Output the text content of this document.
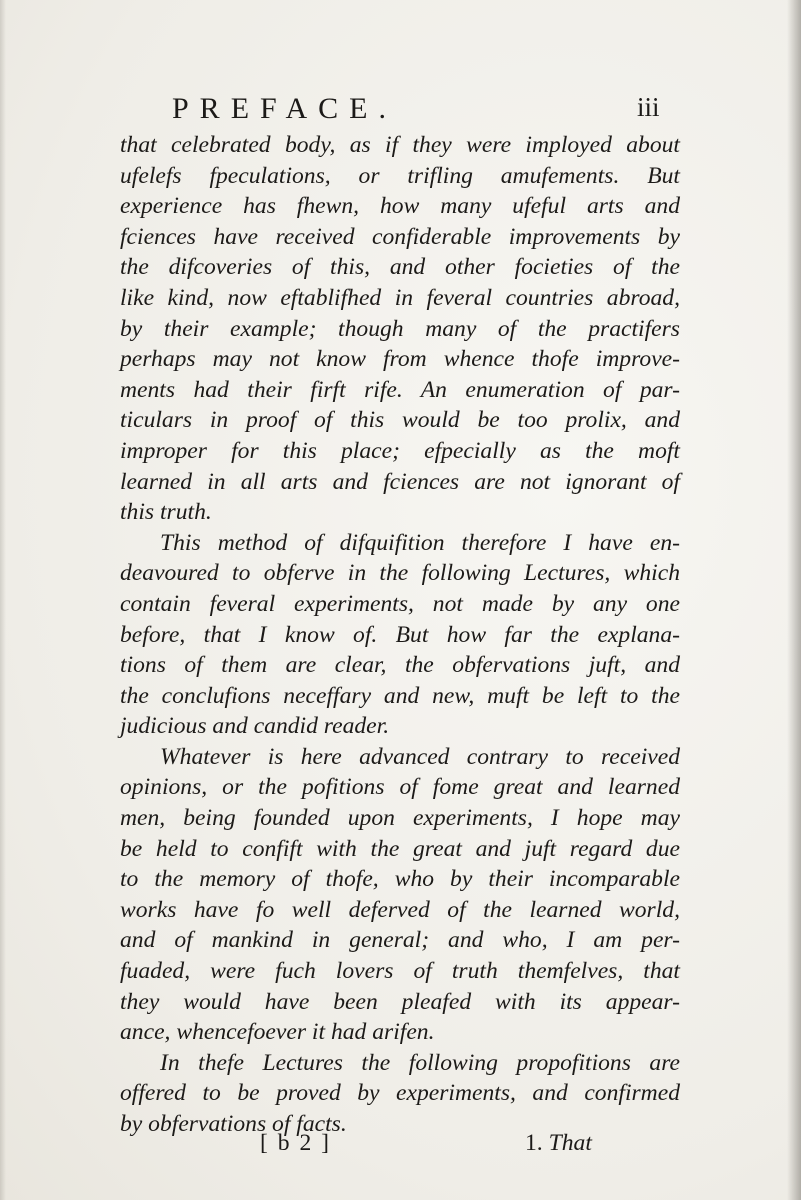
PREFACE.	iii
that celebrated body, as if they were imployed about
ufelefs fpeculations, or trifling amufements. But
experience has fhewn, how many ufeful arts and
fciences have received confiderable improvements by
the difcoveries of this, and other focieties of the
like kind, now eftablifhed in feveral countries abroad,
by their example; though many of the practifers
perhaps may not know from whence thofe improve-
ments had their firft rife. An enumeration of par-
ticulars in proof of this would be too prolix, and
improper for this place; efpecially as the moft
learned in all arts and fciences are not ignorant of
this truth.
This method of difquifition therefore I have en-
deavoured to obferve in the following Lectures, which
contain feveral experiments, not made by any one
before, that I know of. But how far the explana-
tions of them are clear, the obfervations juft, and
the conclufions neceffary and new, muft be left to the
judicious and candid reader.
Whatever is here advanced contrary to received
opinions, or the pofitions of fome great and learned
men, being founded upon experiments, I hope may
be held to confift with the great and juft regard due
to the memory of thofe, who by their incomparable
works have fo well deferved of the learned world,
and of mankind in general; and who, I am per-
fuaded, were fuch lovers of truth themfelves, that
they would have been pleafed with its appear-
ance, whencefoever it had arifen.
In thefe Lectures the following propofitions are
offered to be proved by experiments, and confirmed
by obfervations of facts.
[ b 2 ]	1. That
